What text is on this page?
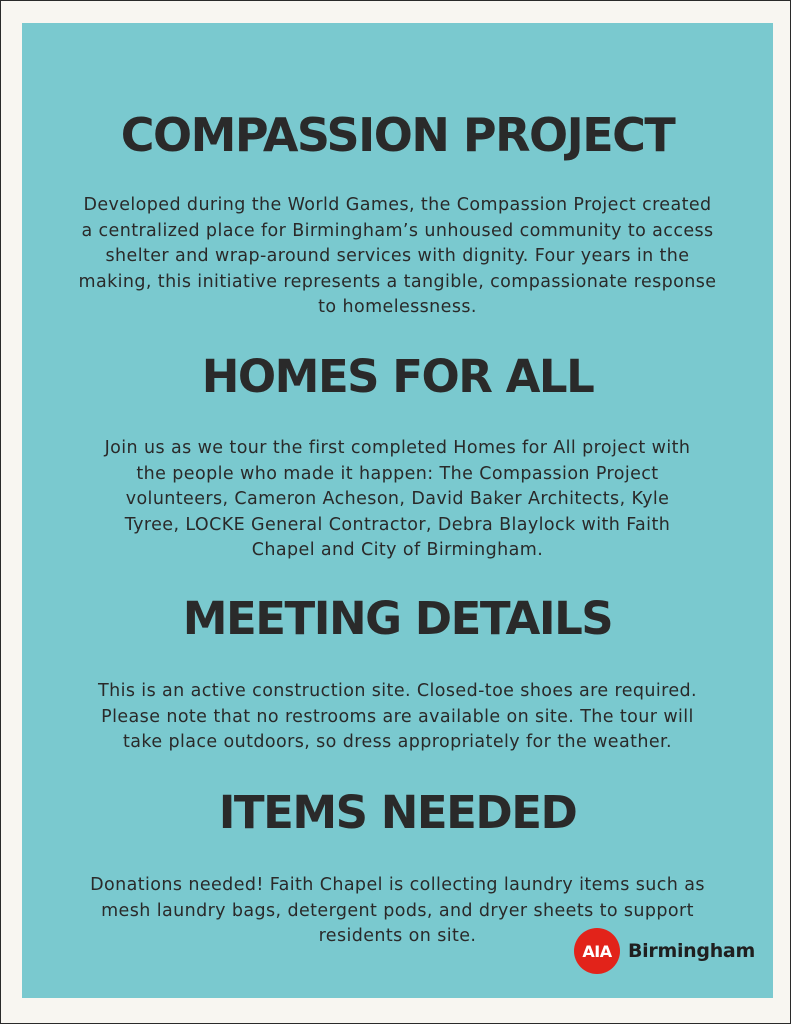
COMPASSION PROJECT

Developed during the World Games, the Compassion Project created
a centralized place for Birmingham’s unhoused community to access
shelter and wrap-around services with dignity. Four years in the
making, this initiative represents a tangible, compassionate response
to homelessness.

HOMES FOR ALL

Join us as we tour the first completed Homes for All project with
the people who made it happen: The Compassion Project
volunteers, Cameron Acheson, David Baker Architects, Kyle
Tyree, LOCKE General Contractor, Debra Blaylock with Faith
Chapel and City of Birmingham.

MEETING DETAILS

This is an active construction site. Closed-toe shoes are required.
Please note that no restrooms are available on site. The tour will
take place outdoors, so dress appropriately for the weather.

ITEMS NEEDED

Donations needed! Faith Chapel is collecting laundry items such as
mesh laundry bags, detergent pods, and dryer sheets to support
residents on site.

AIA Birmingham
